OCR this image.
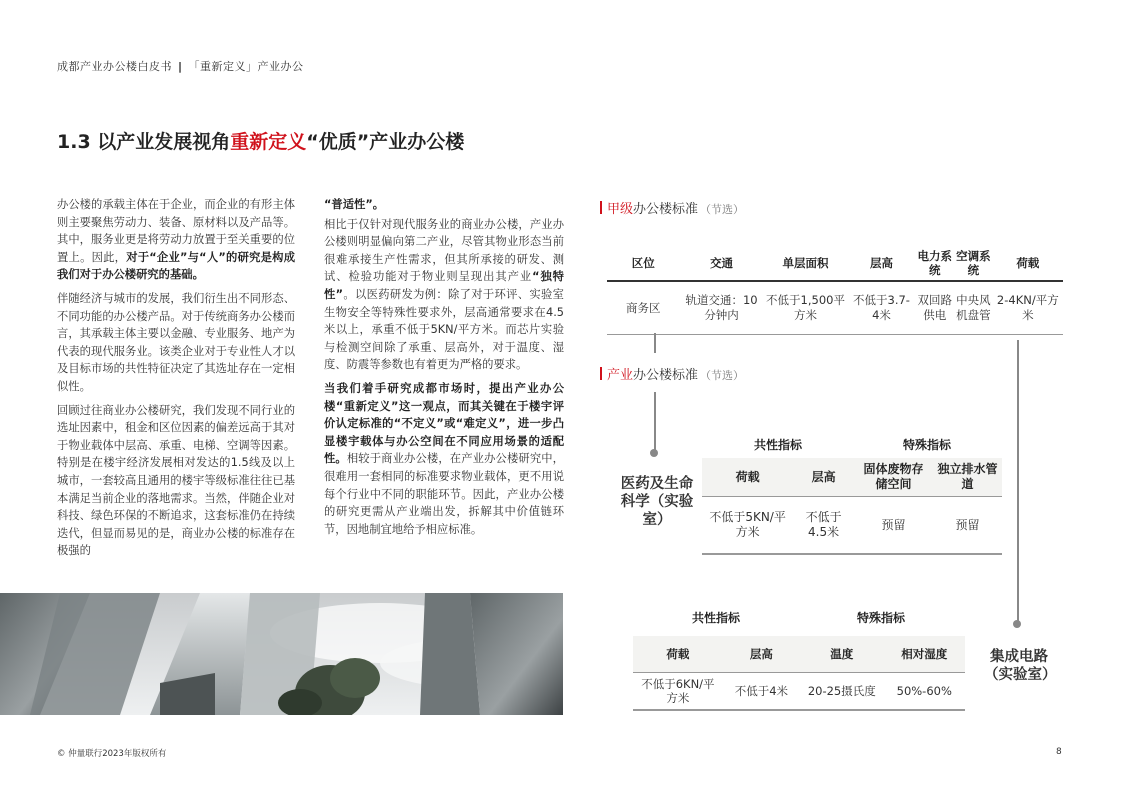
成都产业办公楼白皮书 | 「重新定义」产业办公
1.3 以产业发展视角重新定义“优质”产业办公楼

办公楼的承载主体在于企业，而企业的有形主体则主要聚焦劳动力、装备、原材料以及产品等。其中，服务业更是将劳动力放置于至关重要的位置上。因此，对于“企业”与“人”的研究是构成我们对于办公楼研究的基础。

伴随经济与城市的发展，我们衍生出不同形态、不同功能的办公楼产品。对于传统商务办公楼而言，其承载主体主要以金融、专业服务、地产为代表的现代服务业。该类企业对于专业性人才以及目标市场的共性特征决定了其选址存在一定相似性。

回顾过往商业办公楼研究，我们发现不同行业的选址因素中，租金和区位因素的偏差远高于其对于物业载体中层高、承重、电梯、空调等因素。特别是在楼宇经济发展相对发达的1.5线及以上城市，一套较高且通用的楼宇等级标准往往已基本满足当前企业的落地需求。当然，伴随企业对科技、绿色环保的不断追求，这套标准仍在持续迭代，但显而易见的是，商业办公楼的标准存在极强的

“普适性”。

相比于仅针对现代服务业的商业办公楼，产业办公楼则明显偏向第二产业，尽管其物业形态当前很难承接生产性需求，但其所承接的研发、测试、检验功能对于物业则呈现出其产业“独特性”。以医药研发为例：除了对于环评、实验室生物安全等特殊性要求外，层高通常要求在4.5米以上，承重不低于5KN/平方米。而芯片实验与检测空间除了承重、层高外，对于温度、湿度、防震等参数也有着更为严格的要求。

当我们着手研究成都市场时，提出产业办公楼“重新定义”这一观点，而其关键在于楼宇评价认定标准的“不定义”或“难定义”，进一步凸显楼宇载体与办公空间在不同应用场景的适配性。相较于商业办公楼，在产业办公楼研究中，很难用一套相同的标准要求物业载体，更不用说每个行业中不同的职能环节。因此，产业办公楼的研究更需从产业端出发，拆解其中价值链环节，因地制宜地给予相应标准。

甲级办公楼标准 （节选）
区位	交通	单层面积	层高	电力系统	空调系统	荷载
商务区	轨道交通：10分钟内	不低于1,500平方米	不低于3.7-4米	双回路供电	中央风机盘管	2-4KN/平方米
产业办公楼标准 （节选）
共性指标	特殊指标
医药及生命科学（实验室）
荷载	层高	固体废物存储空间	独立排水管道
不低于5KN/平方米	不低于4.5米	预留	预留
共性指标	特殊指标
集成电路（实验室）
荷载	层高	温度	相对湿度
不低于6KN/平方米	不低于4米	20-25摄氏度	50%-60%
© 仲量联行2023年版权所有	8
